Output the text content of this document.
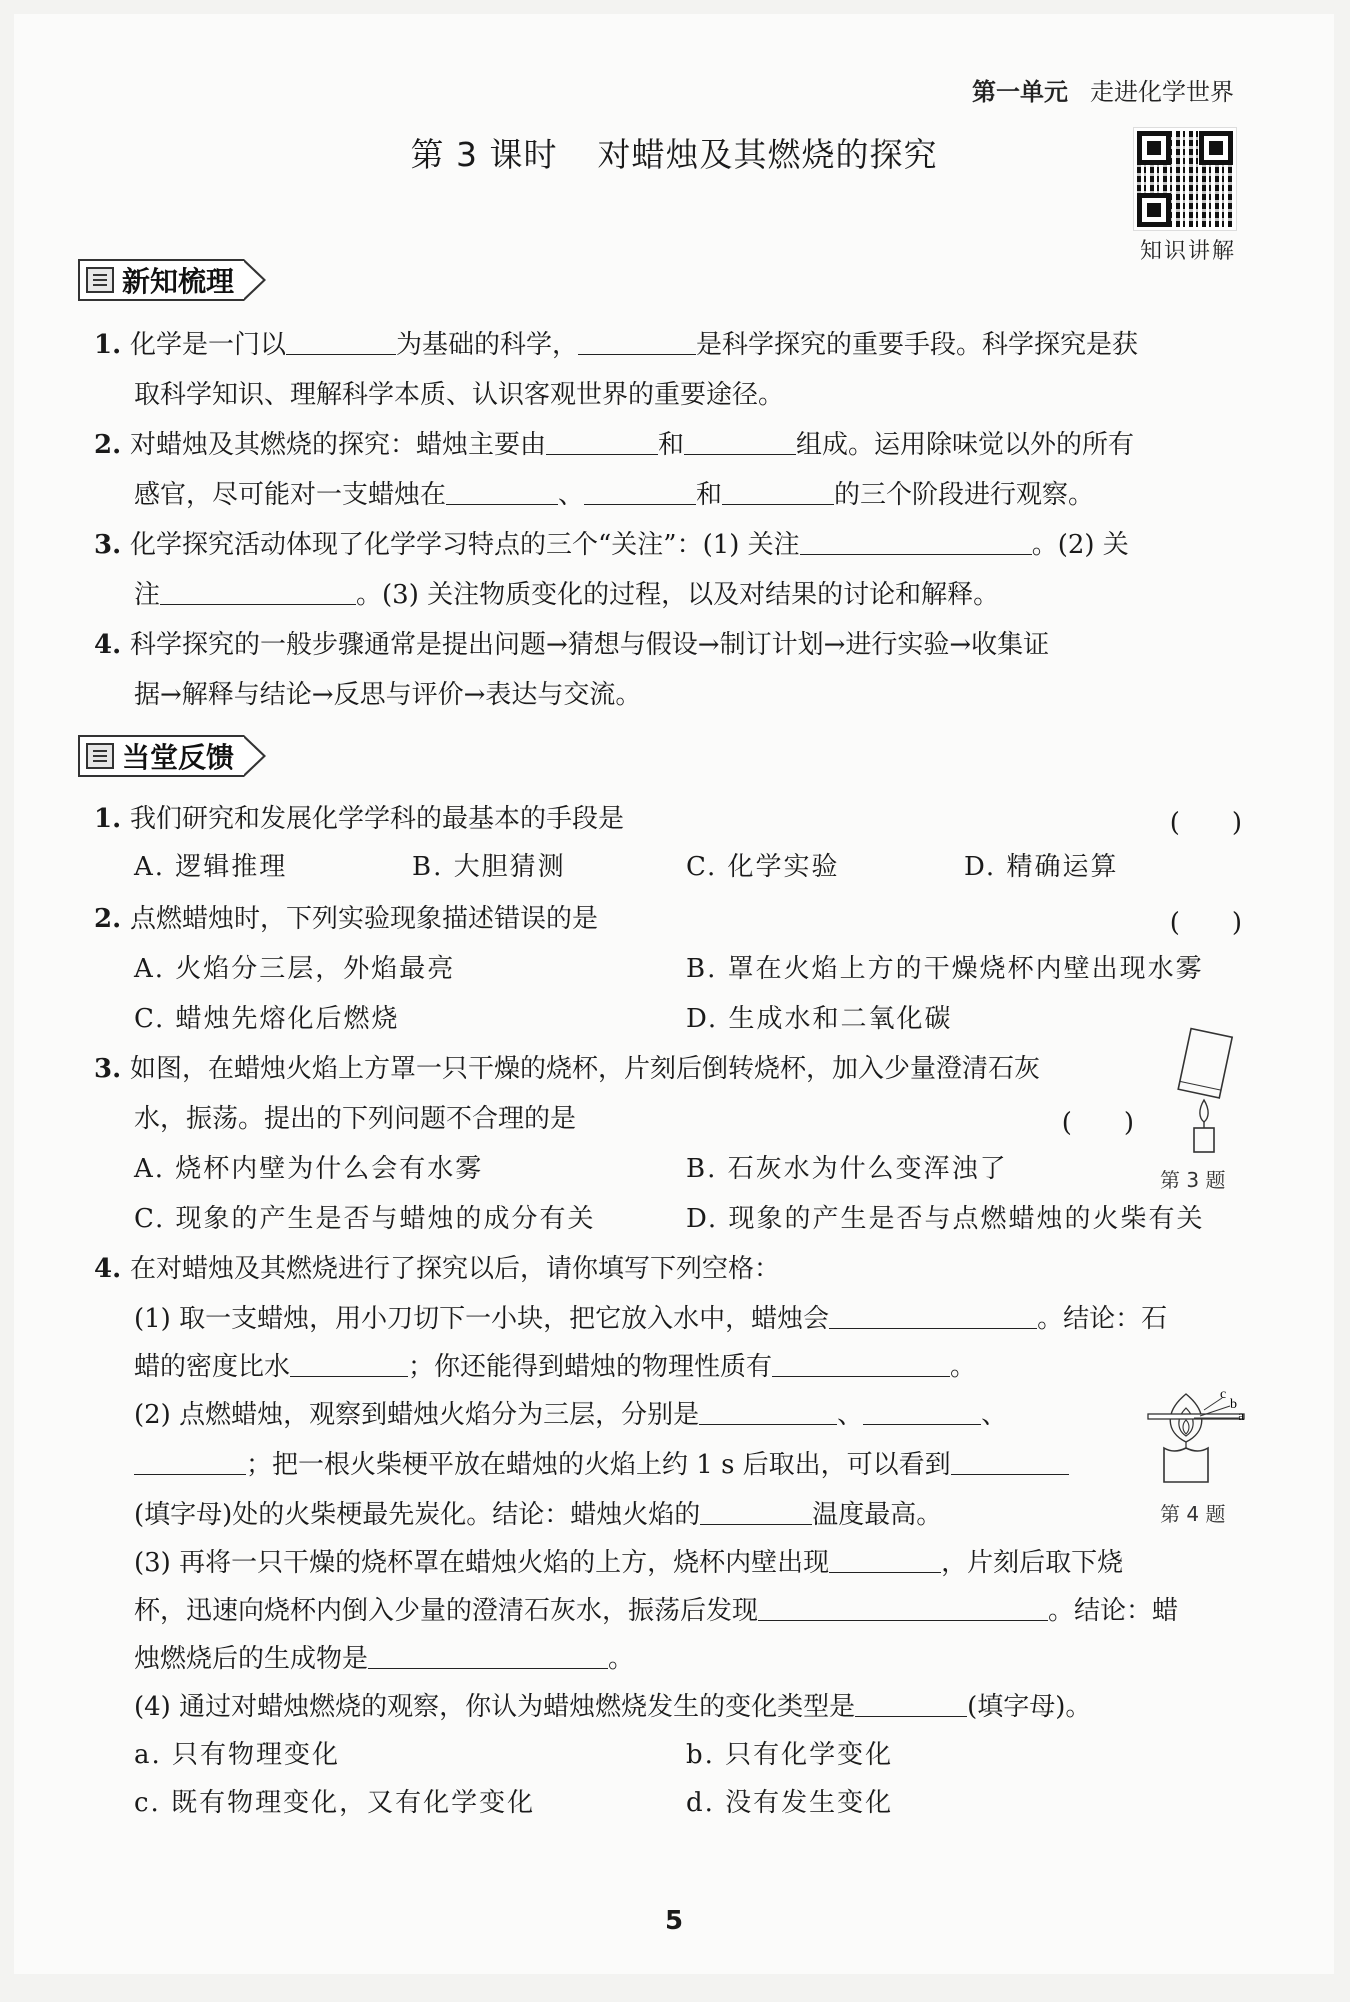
第一单元 走进化学世界
第 3 课时 对蜡烛及其燃烧的探究
知识讲解
新知梳理
1. 化学是一门以	为基础的科学，	是科学探究的重要手段。科学探究是获
取科学知识、理解科学本质、认识客观世界的重要途径。
2. 对蜡烛及其燃烧的探究：蜡烛主要由	和	组成。运用除味觉以外的所有
感官，尽可能对一支蜡烛在	、	和	的三个阶段进行观察。
3. 化学探究活动体现了化学学习特点的三个“关注”：(1) 关注	。(2) 关
注	。(3) 关注物质变化的过程，以及对结果的讨论和解释。
4. 科学探究的一般步骤通常是提出问题→猜想与假设→制订计划→进行实验→收集证
据→解释与结论→反思与评价→表达与交流。
当堂反馈
1. 我们研究和发展化学学科的最基本的手段是	(　　)
A. 逻辑推理	B. 大胆猜测	C. 化学实验	D. 精确运算
2. 点燃蜡烛时，下列实验现象描述错误的是	(　　)
A. 火焰分三层，外焰最亮	B. 罩在火焰上方的干燥烧杯内壁出现水雾
C. 蜡烛先熔化后燃烧	D. 生成水和二氧化碳
3. 如图，在蜡烛火焰上方罩一只干燥的烧杯，片刻后倒转烧杯，加入少量澄清石灰
水，振荡。提出的下列问题不合理的是	(　　)
A. 烧杯内壁为什么会有水雾	B. 石灰水为什么变浑浊了
C. 现象的产生是否与蜡烛的成分有关	D. 现象的产生是否与点燃蜡烛的火柴有关
第 3 题
4. 在对蜡烛及其燃烧进行了探究以后，请你填写下列空格：
(1) 取一支蜡烛，用小刀切下一小块，把它放入水中，蜡烛会	。结论：石
蜡的密度比水	；你还能得到蜡烛的物理性质有	。
(2) 点燃蜡烛，观察到蜡烛火焰分为三层，分别是	、	、
；把一根火柴梗平放在蜡烛的火焰上约 1 s 后取出，可以看到
(填字母)处的火柴梗最先炭化。结论：蜡烛火焰的	温度最高。
c
b
a
第 4 题
(3) 再将一只干燥的烧杯罩在蜡烛火焰的上方，烧杯内壁出现	，片刻后取下烧
杯，迅速向烧杯内倒入少量的澄清石灰水，振荡后发现	。结论：蜡
烛燃烧后的生成物是	。
(4) 通过对蜡烛燃烧的观察，你认为蜡烛燃烧发生的变化类型是	(填字母)。
a. 只有物理变化	b. 只有化学变化
c. 既有物理变化，又有化学变化	d. 没有发生变化
5
